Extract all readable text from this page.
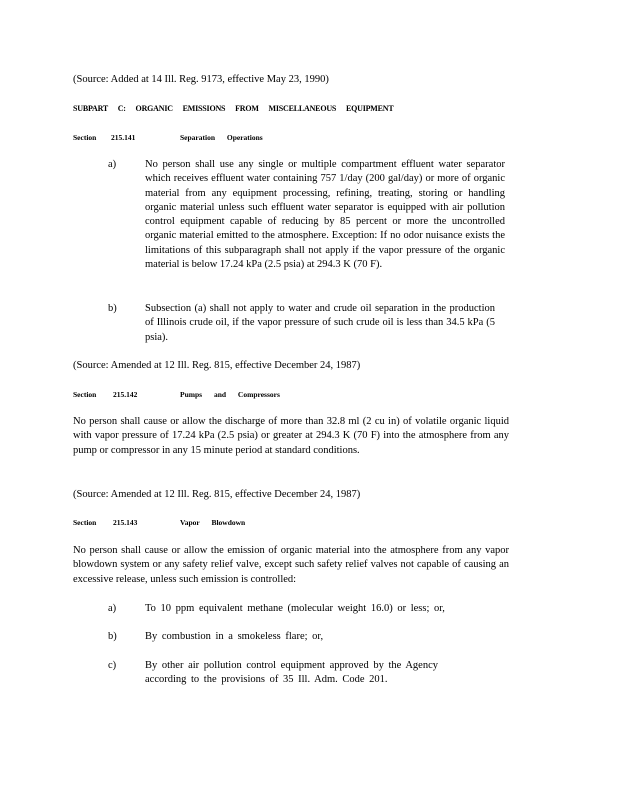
(Source: Added at 14 Ill. Reg. 9173, effective May 23, 1990)
SUBPART C: ORGANIC EMISSIONS FROM MISCELLANEOUS EQUIPMENT
Section 215.141	Separation Operations
a)	No person shall use any single or multiple compartment effluent water separator which receives effluent water containing 757 1/day (200 gal/day) or more of organic material from any equipment processing, refining, treating, storing or handling organic material unless such effluent water separator is equipped with air pollution control equipment capable of reducing by 85 percent or more the uncontrolled organic material emitted to the atmosphere. Exception: If no odor nuisance exists the limitations of this subparagraph shall not apply if the vapor pressure of the organic material is below 17.24 kPa (2.5 psia) at 294.3 K (70 F).
b)	Subsection (a) shall not apply to water and crude oil separation in the production of Illinois crude oil, if the vapor pressure of such crude oil is less than 34.5 kPa (5 psia).
(Source: Amended at 12 Ill. Reg. 815, effective December 24, 1987)
Section 215.142	Pumps and Compressors
No person shall cause or allow the discharge of more than 32.8 ml (2 cu in) of volatile organic liquid with vapor pressure of 17.24 kPa (2.5 psia) or greater at 294.3 K (70 F) into the atmosphere from any pump or compressor in any 15 minute period at standard conditions.
(Source: Amended at 12 Ill. Reg. 815, effective December 24, 1987)
Section 215.143	Vapor Blowdown
No person shall cause or allow the emission of organic material into the atmosphere from any vapor blowdown system or any safety relief valve, except such safety relief valves not capable of causing an excessive release, unless such emission is controlled:
a)	To 10 ppm equivalent methane (molecular weight 16.0) or less; or,
b)	By combustion in a smokeless flare; or,
c)	By other air pollution control equipment approved by the Agency according to the provisions of 35 Ill. Adm. Code 201.
